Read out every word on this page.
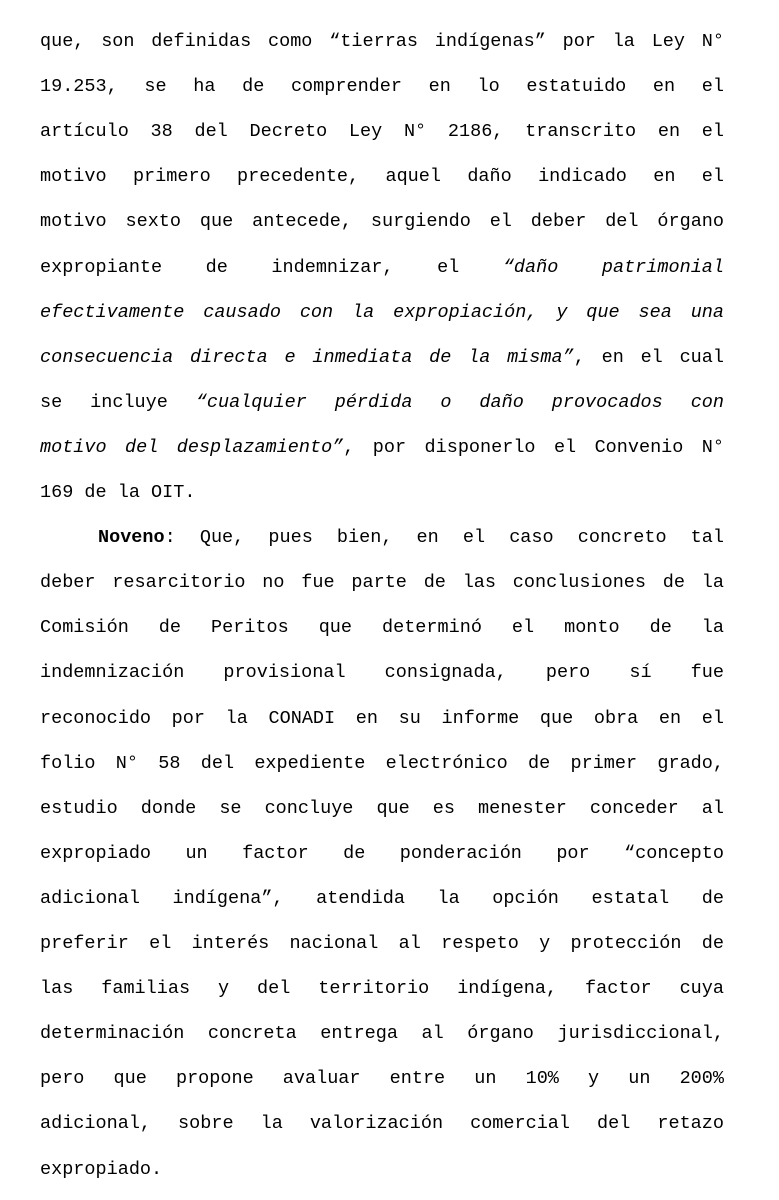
que, son definidas como “tierras indígenas” por la Ley N°
19.253, se ha de comprender en lo estatuido en el
artículo 38 del Decreto Ley N° 2186, transcrito en el
motivo primero precedente, aquel daño indicado en el
motivo sexto que antecede, surgiendo el deber del órgano
expropiante de indemnizar, el “daño patrimonial
efectivamente causado con la expropiación, y que sea una
consecuencia directa e inmediata de la misma”, en el cual
se incluye “cualquier pérdida o daño provocados con
motivo del desplazamiento”, por disponerlo el Convenio N°
169 de la OIT.
Noveno: Que, pues bien, en el caso concreto tal
deber resarcitorio no fue parte de las conclusiones de la
Comisión de Peritos que determinó el monto de la
indemnización provisional consignada, pero sí fue
reconocido por la CONADI en su informe que obra en el
folio N° 58 del expediente electrónico de primer grado,
estudio donde se concluye que es menester conceder al
expropiado un factor de ponderación por “concepto
adicional indígena”, atendida la opción estatal de
preferir el interés nacional al respeto y protección de
las familias y del territorio indígena, factor cuya
determinación concreta entrega al órgano jurisdiccional,
pero que propone avaluar entre un 10% y un 200%
adicional, sobre la valorización comercial del retazo
expropiado.
